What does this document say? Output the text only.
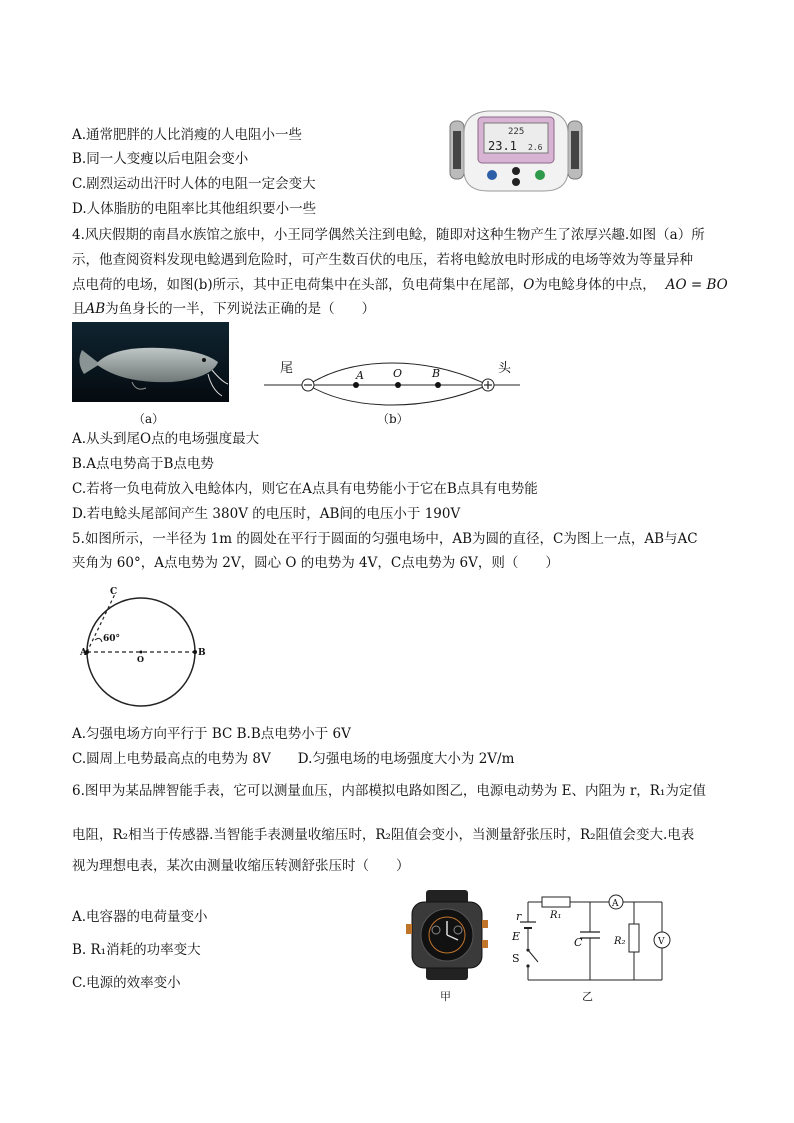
A.通常肥胖的人比消瘦的人电阻小一些
B.同一人变瘦以后电阻会变小
C.剧烈运动出汗时人体的电阻一定会变大
D.人体脂肪的电阻率比其他组织要小一些
225
23.1 2.6
4.风庆假期的南昌水族馆之旅中，小王同学偶然关注到电鲶，随即对这种生物产生了浓厚兴趣.如图（a）所
示，他查阅资料发现电鲶遇到危险时，可产生数百伏的电压，若将电鲶放电时形成的电场等效为等量异种
点电荷的电场，如图(b)所示，其中正电荷集中在头部，负电荷集中在尾部，O为电鲶身体的中点， AO = BO
且AB为鱼身长的一半，下列说法正确的是（　　）
（a）
尾	头
A	O	B
（b）
A.从头到尾O点的电场强度最大
B.A点电势高于B点电势
C.若将一负电荷放入电鲶体内，则它在A点具有电势能小于它在B点具有电势能
D.若电鲶头尾部间产生 380V 的电压时，AB间的电压小于 190V
5.如图所示，一半径为 1m 的圆处在平行于圆面的匀强电场中，AB为圆的直径，C为图上一点，AB与AC
夹角为 60°，A点电势为 2V，圆心 O 的电势为 4V，C点电势为 6V，则（　　）
C
A
O
B
60°
A.匀强电场方向平行于 BC B.B点电势小于 6V
C.圆周上电势最高点的电势为 8V　　D.匀强电场的电场强度大小为 2V/m
6.图甲为某品牌智能手表，它可以测量血压，内部模拟电路如图乙，电源电动势为 E、内阻为 r，R₁为定值
电阻，R₂相当于传感器.当智能手表测量收缩压时，R₂阻值会变小，当测量舒张压时，R₂阻值会变大.电表
视为理想电表，某次由测量收缩压转测舒张压时（　　）
A.电容器的电荷量变小
B. R₁消耗的功率变大
C.电源的效率变小
甲
r
E
S
R₁
C	R₂
A
V
乙
